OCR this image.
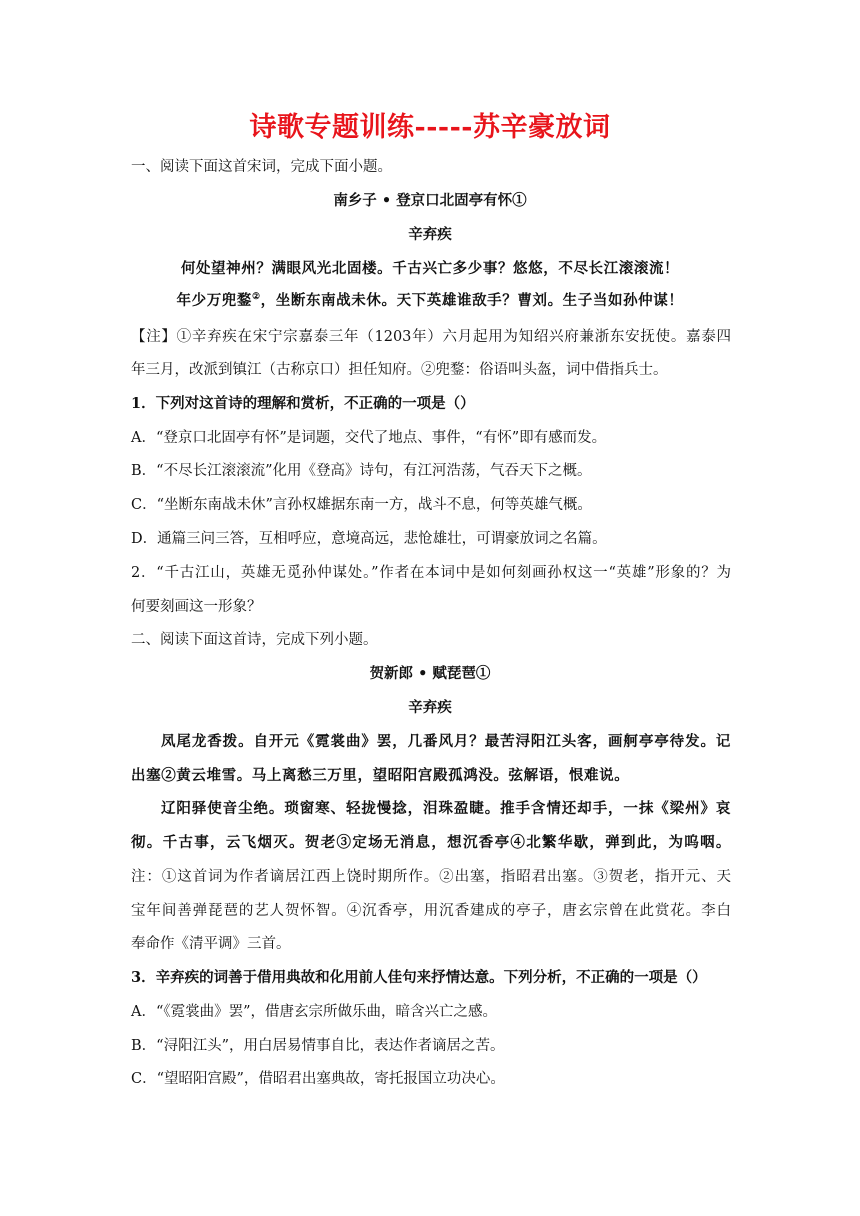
诗歌专题训练-----苏辛豪放词
一、阅读下面这首宋词，完成下面小题。
南乡子 • 登京口北固亭有怀①
辛弃疾
何处望神州？满眼风光北固楼。千古兴亡多少事？悠悠，不尽长江滚滚流！
年少万兜鍪②，坐断东南战未休。天下英雄谁敌手？曹刘。生子当如孙仲谋！
【注】①辛弃疾在宋宁宗嘉泰三年（1203年）六月起用为知绍兴府兼浙东安抚使。嘉泰四
年三月，改派到镇江（古称京口）担任知府。②兜鍪：俗语叫头盔，词中借指兵士。
1．下列对这首诗的理解和赏析，不正确的一项是（）
A．“登京口北固亭有怀”是词题，交代了地点、事件，“有怀”即有感而发。
B．“不尽长江滚滚流”化用《登高》诗句，有江河浩荡，气吞天下之概。
C．“坐断东南战未休”言孙权雄据东南一方，战斗不息，何等英雄气概。
D．通篇三问三答，互相呼应，意境高远，悲怆雄壮，可谓豪放词之名篇。
2．“千古江山，英雄无觅孙仲谋处。”作者在本词中是如何刻画孙权这一“英雄”形象的？为
何要刻画这一形象？
二、阅读下面这首诗，完成下列小题。
贺新郎 • 赋琵琶①
辛弃疾
凤尾龙香拨。自开元《霓裳曲》罢，几番风月？最苦浔阳江头客，画舸亭亭待发。记
出塞②黄云堆雪。马上离愁三万里，望昭阳宫殿孤鸿没。弦解语，恨难说。
辽阳驿使音尘绝。琐窗寒、轻拢慢捻，泪珠盈睫。推手含情还却手，一抹《梁州》哀
彻。千古事，云飞烟灭。贺老③定场无消息，想沉香亭④北繁华歇，弹到此，为呜咽。
注：①这首词为作者谪居江西上饶时期所作。②出塞，指昭君出塞。③贺老，指开元、天
宝年间善弹琵琶的艺人贺怀智。④沉香亭，用沉香建成的亭子，唐玄宗曾在此赏花。李白
奉命作《清平调》三首。
3．辛弃疾的词善于借用典故和化用前人佳句来抒情达意。下列分析，不正确的一项是（）
A．“《霓裳曲》罢”，借唐玄宗所做乐曲，暗含兴亡之感。
B．“浔阳江头”，用白居易情事自比，表达作者谪居之苦。
C．“望昭阳宫殿”，借昭君出塞典故，寄托报国立功决心。
